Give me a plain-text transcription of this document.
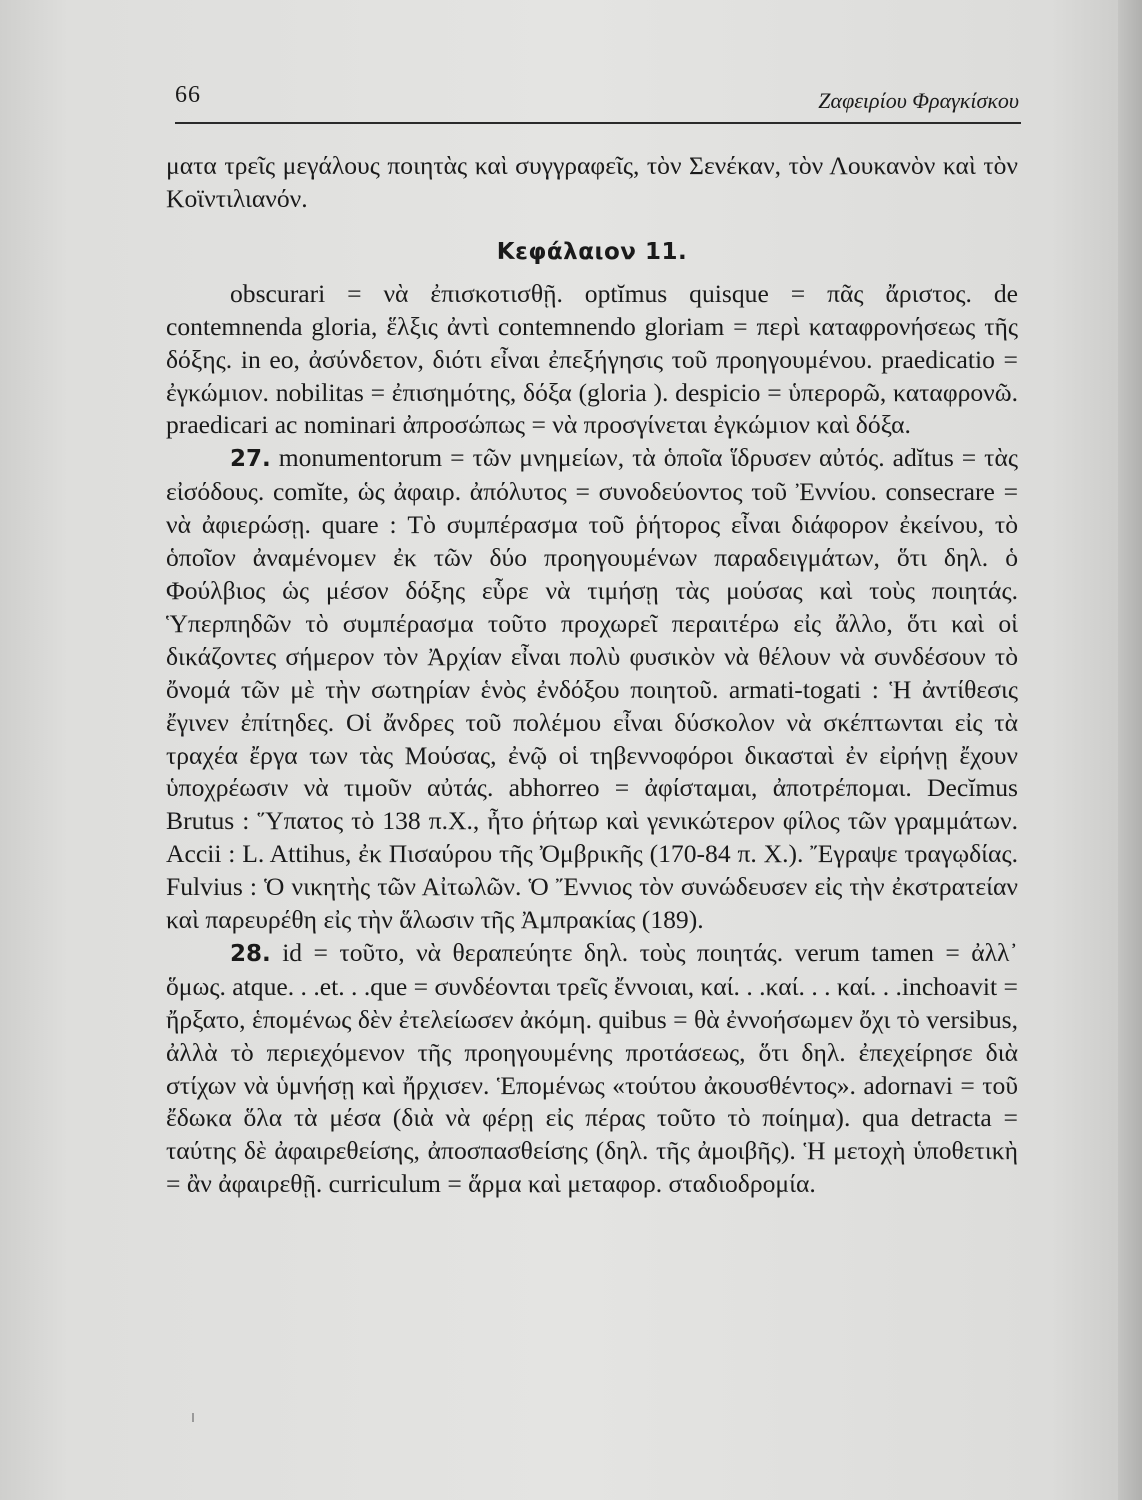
66	Ζαφειρίου Φραγκίσκου

ματα τρεῖς μεγάλους ποιητὰς καὶ συγγραφεῖς, τὸν Σενέκαν, τὸν Λουκανὸν καὶ τὸν Κοϊντιλιανόν.

Κεφάλαιον 11.

obscurari = νὰ ἐπισκοτισθῇ. optĭmus quisque = πᾶς ἄριστος. de contemnenda gloria, ἕλξις ἀντὶ contemnendo gloriam = περὶ καταφρονήσεως τῆς δόξης. in eo, ἀσύνδετον, διότι εἶναι ἐπεξήγησις τοῦ προηγουμένου. praedicatio = ἐγκώμιον. nobilitas = ἐπισημότης, δόξα (gloria ). despicio = ὑπερορῶ, καταφρονῶ. praedicari ac nominari ἀπροσώπως = νὰ προσγίνεται ἐγκώμιον καὶ δόξα.

27. monumentorum = τῶν μνημείων, τὰ ὁποῖα ἵδρυσεν αὐτός. adĭtus = τὰς εἰσόδους. comĭte, ὡς ἀφαιρ. ἀπόλυτος = συνοδεύοντος τοῦ Ἐννίου. consecrare = νὰ ἀφιερώσῃ. quare : Τὸ συμπέρασμα τοῦ ῥήτορος εἶναι διάφορον ἐκείνου, τὸ ὁποῖον ἀναμένομεν ἐκ τῶν δύο προηγουμένων παραδειγμάτων, ὅτι δηλ. ὁ Φούλβιος ὡς μέσον δόξης εὗρε νὰ τιμήσῃ τὰς μούσας καὶ τοὺς ποιητάς. Ὑπερπηδῶν τὸ συμπέρασμα τοῦτο προχωρεῖ περαιτέρω εἰς ἄλλο, ὅτι καὶ οἱ δικάζοντες σήμερον τὸν Ἀρχίαν εἶναι πολὺ φυσικὸν νὰ θέλουν νὰ συνδέσουν τὸ ὄνομά τῶν μὲ τὴν σωτηρίαν ἑνὸς ἐνδόξου ποιητοῦ. armati-togati : Ἡ ἀντίθεσις ἔγινεν ἐπίτηδες. Οἱ ἄνδρες τοῦ πολέμου εἶναι δύσκολον νὰ σκέπτωνται εἰς τὰ τραχέα ἔργα των τὰς Μούσας, ἐνῷ οἱ τηβεννοφόροι δικασταὶ ἐν εἰρήνῃ ἔχουν ὑποχρέωσιν νὰ τιμοῦν αὐτάς. abhorreo = ἀφίσταμαι, ἀποτρέπομαι. Decĭmus Brutus : Ὕπατος τὸ 138 π.Χ., ἦτο ῥήτωρ καὶ γενικώτερον φίλος τῶν γραμμάτων. Accii : L. Attihus, ἐκ Πισαύρου τῆς Ὀμβρικῆς (170-84 π. Χ.). Ἔγραψε τραγῳδίας. Fulvius : Ὁ νικητὴς τῶν Αἰτωλῶν. Ὁ Ἔννιος τὸν συνώδευσεν εἰς τὴν ἐκστρατείαν καὶ παρευρέθη εἰς τὴν ἅλωσιν τῆς Ἀμπρακίας (189).

28. id = τοῦτο, νὰ θεραπεύητε δηλ. τοὺς ποιητάς. verum tamen = ἀλλ᾽ ὅμως. atque. . .et. . .que = συνδέονται τρεῖς ἔννοιαι, καί. . .καί. . . καί. . .inchoavit = ἤρξατο, ἑπομένως δὲν ἐτελείωσεν ἀκόμη. quibus = θὰ ἐννοήσωμεν ὄχι τὸ versibus, ἀλλὰ τὸ περιεχόμενον τῆς προηγουμένης προτάσεως, ὅτι δηλ. ἐπεχείρησε διὰ στίχων νὰ ὑμνήσῃ καὶ ἤρχισεν. Ἑπομένως «τούτου ἀκουσθέντος». adornavi = τοῦ ἔδωκα ὅλα τὰ μέσα (διὰ νὰ φέρῃ εἰς πέρας τοῦτο τὸ ποίημα). qua detracta = ταύτης δὲ ἀφαιρεθείσης, ἀποσπασθείσης (δηλ. τῆς ἀμοιβῆς). Ἡ μετοχὴ ὑποθετικὴ = ἂν ἀφαιρεθῇ. curriculum = ἅρμα καὶ μεταφορ. σταδιοδρομία.
